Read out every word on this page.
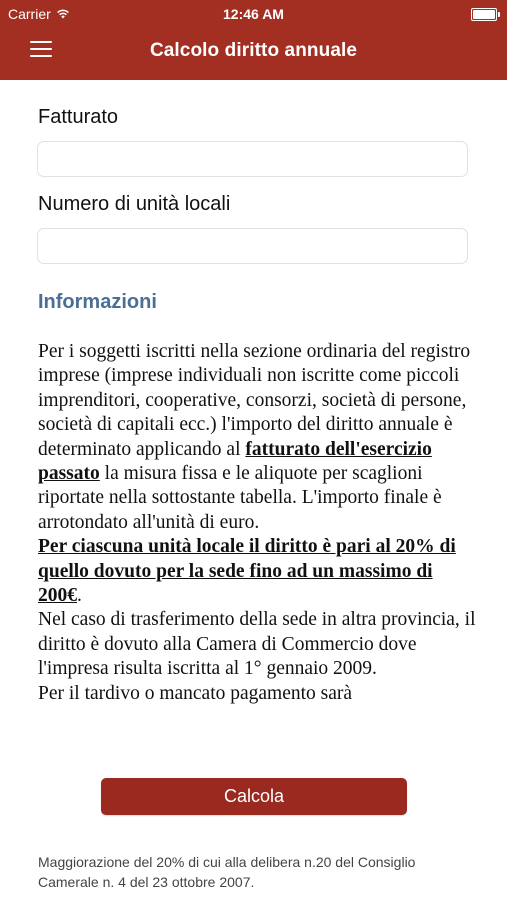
Carrier	12:46 AM
Calcolo diritto annuale
Fatturato
Numero di unità locali
Informazioni

Per i soggetti iscritti nella sezione ordinaria del registro imprese (imprese individuali non iscritte come piccoli imprenditori, cooperative, consorzi, società di persone, società di capitali ecc.) l'importo del diritto annuale è determinato applicando al fatturato dell'esercizio passato la misura fissa e le aliquote per scaglioni riportate nella sottostante tabella. L'importo finale è arrotondato all'unità di euro.

Per ciascuna unità locale il diritto è pari al 20% di quello dovuto per la sede fino ad un massimo di 200€.

Nel caso di trasferimento della sede in altra provincia, il diritto è dovuto alla Camera di Commercio dove l'impresa risulta iscritta al 1° gennaio 2009.

Per il tardivo o mancato pagamento sarà

Calcola
Maggiorazione del 20% di cui alla delibera n.20 del Consiglio Camerale n. 4 del 23 ottobre 2007.
